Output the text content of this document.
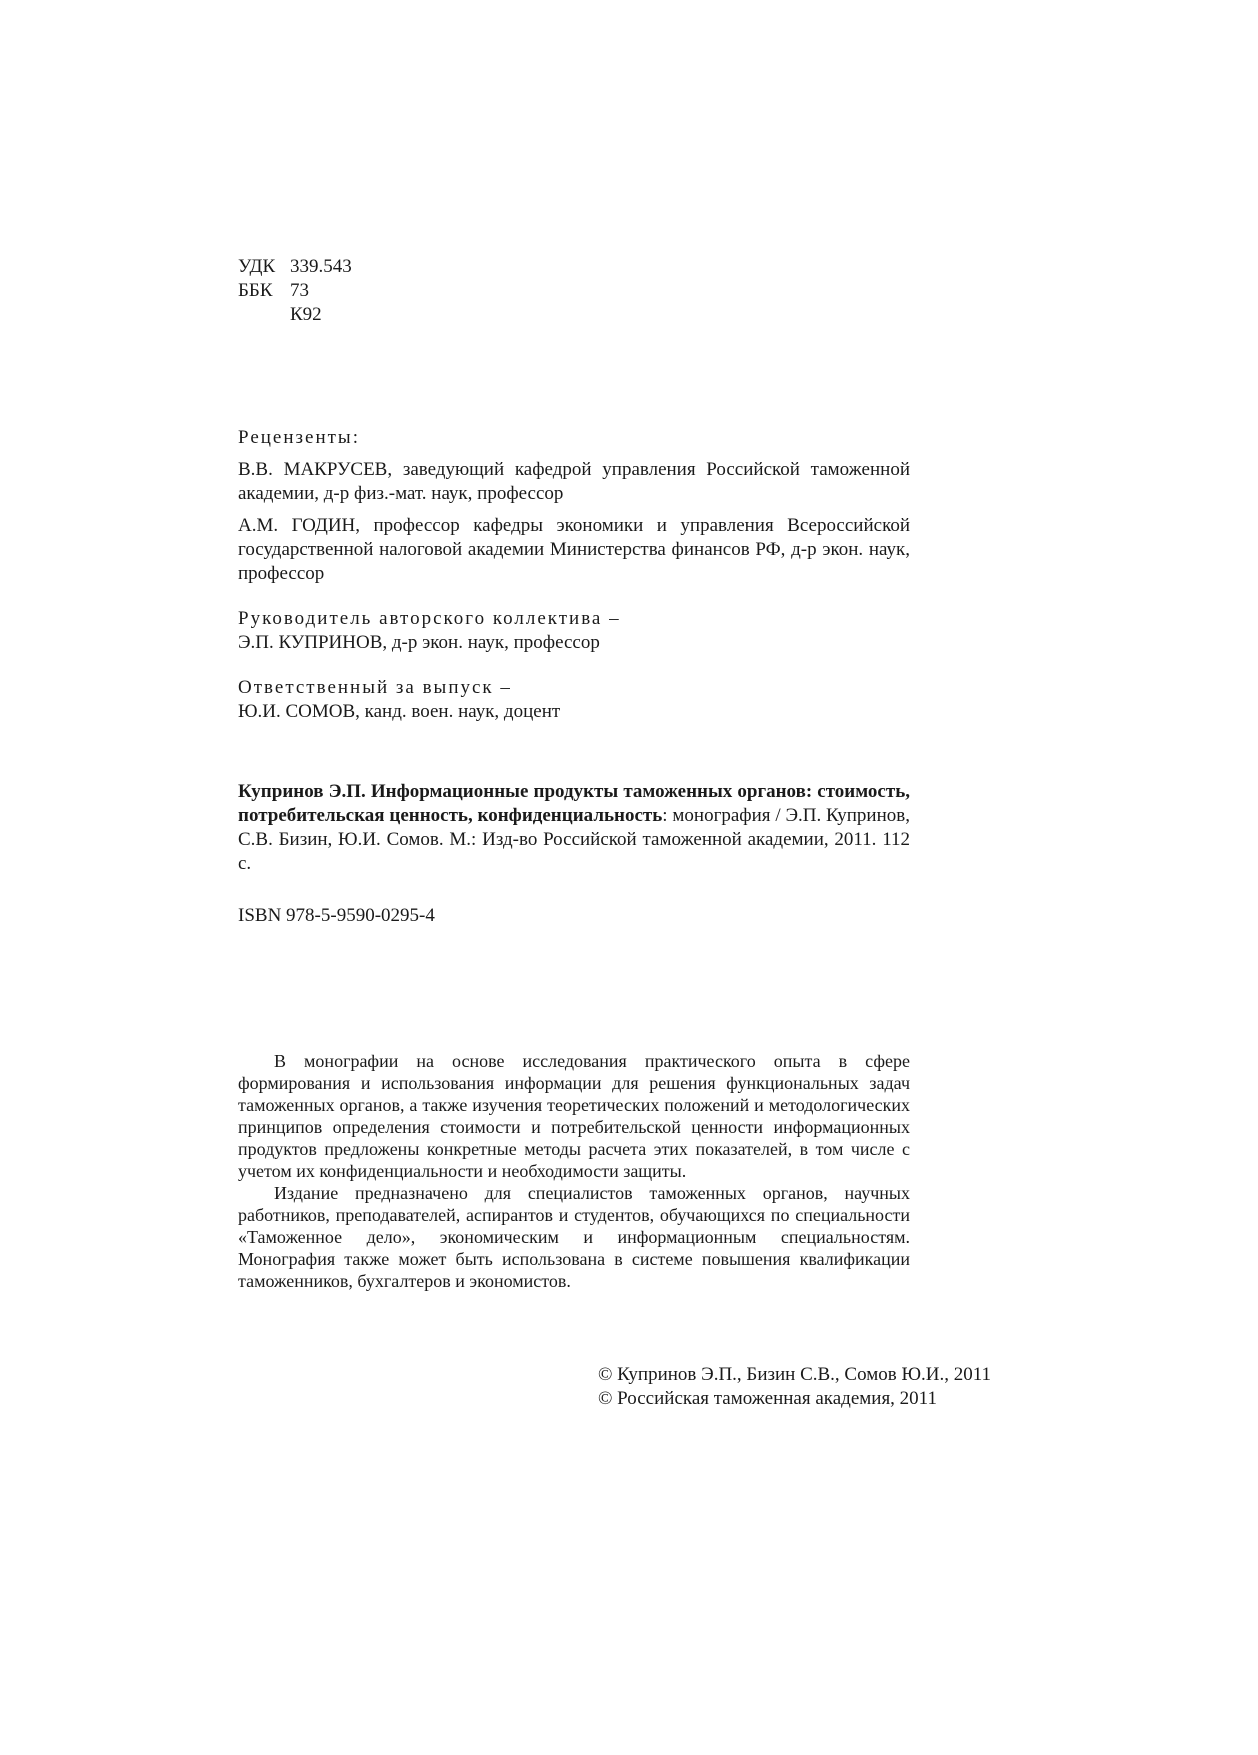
УДК 339.543
ББК 73
К92
Рецензенты:
В.В. МАКРУСЕВ, заведующий кафедрой управления Российской таможенной академии, д-р физ.-мат. наук, профессор
А.М. ГОДИН, профессор кафедры экономики и управления Всероссийской государственной налоговой академии Министерства финансов РФ, д-р экон. наук, профессор
Руководитель авторского коллектива –
Э.П. КУПРИНОВ, д-р экон. наук, профессор
Ответственный за выпуск –
Ю.И. СОМОВ, канд. воен. наук, доцент
Купринов Э.П. Информационные продукты таможенных органов: стоимость, потребительская ценность, конфиденциальность: монография / Э.П. Купринов, С.В. Бизин, Ю.И. Сомов. М.: Изд-во Российской таможенной академии, 2011. 112 с.
ISBN 978-5-9590-0295-4

В монографии на основе исследования практического опыта в сфере формирования и использования информации для решения функциональных задач таможенных органов, а также изучения теоретических положений и методологических принципов определения стоимости и потребительской ценности информационных продуктов предложены конкретные методы расчета этих показателей, в том числе с учетом их конфиденциальности и необходимости защиты.

Издание предназначено для специалистов таможенных органов, научных работников, преподавателей, аспирантов и студентов, обучающихся по специальности «Таможенное дело», экономическим и информационным специальностям. Монография также может быть использована в системе повышения квалификации таможенников, бухгалтеров и экономистов.

© Купринов Э.П., Бизин С.В., Сомов Ю.И., 2011
© Российская таможенная академия, 2011
